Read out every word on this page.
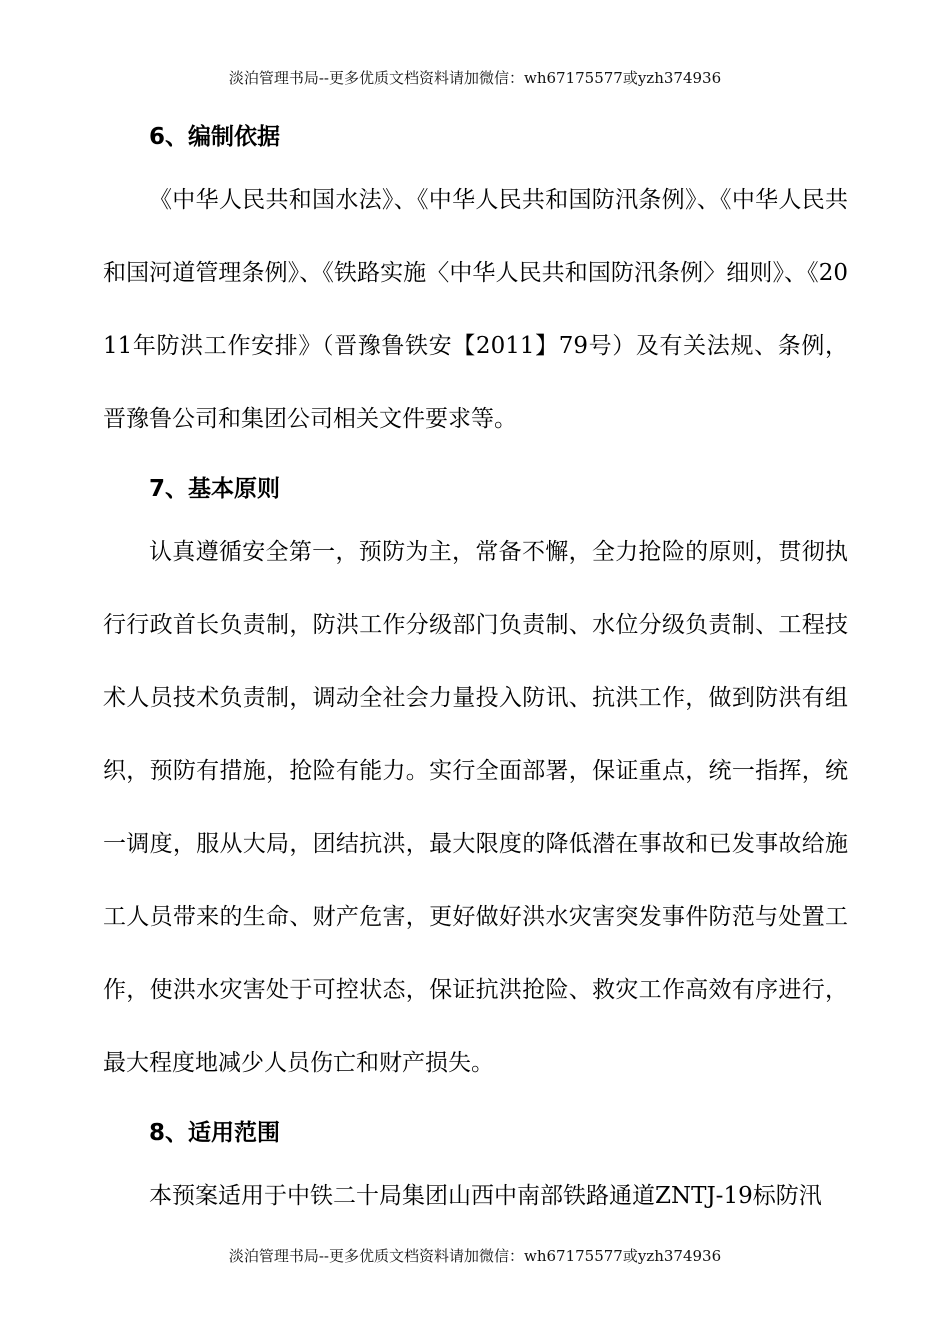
淡泊管理书局--更多优质文档资料请加微信：wh67175577或yzh374936
6、编制依据

《中华人民共和国水法》、《中华人民共和国防汛条例》、《中华人民共和国河道管理条例》、《铁路实施〈中华人民共和国防汛条例〉细则》、《2011年防洪工作安排》（晋豫鲁铁安【2011】79号）及有关法规、条例，晋豫鲁公司和集团公司相关文件要求等。

7、基本原则

认真遵循安全第一，预防为主，常备不懈，全力抢险的原则，贯彻执行行政首长负责制，防洪工作分级部门负责制、水位分级负责制、工程技术人员技术负责制，调动全社会力量投入防讯、抗洪工作，做到防洪有组织，预防有措施，抢险有能力。实行全面部署，保证重点，统一指挥，统一调度，服从大局，团结抗洪，最大限度的降低潜在事故和已发事故给施工人员带来的生命、财产危害，更好做好洪水灾害突发事件防范与处置工作，使洪水灾害处于可控状态，保证抗洪抢险、救灾工作高效有序进行，最大程度地减少人员伤亡和财产损失。

8、适用范围

本预案适用于中铁二十局集团山西中南部铁路通道ZNTJ-19标防汛

淡泊管理书局--更多优质文档资料请加微信：wh67175577或yzh374936
